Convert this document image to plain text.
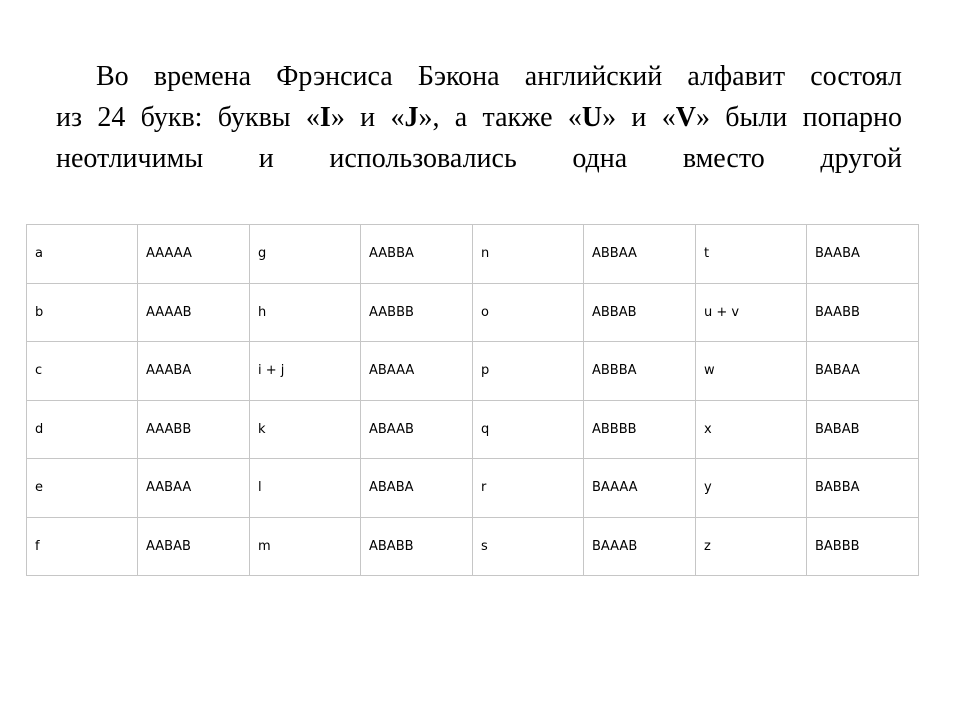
Во времена Фрэнсиса Бэкона английский алфавит состоял
из 24 букв: буквы «I» и «J», а также «U» и «V» были попарно
неотличимы и использовались одна вместо другой
a	AAAAA	g	AABBA	n	ABBAA	t	BAABA
b	AAAAB	h	AABBB	o	ABBAB	u + v	BAABB
c	AAABA	i + j	ABAAA	p	ABBBA	w	BABAA
d	AAABB	k	ABAAB	q	ABBBB	x	BABAB
e	AABAA	l	ABABA	r	BAAAA	y	BABBA
f	AABAB	m	ABABB	s	BAAAB	z	BABBB
